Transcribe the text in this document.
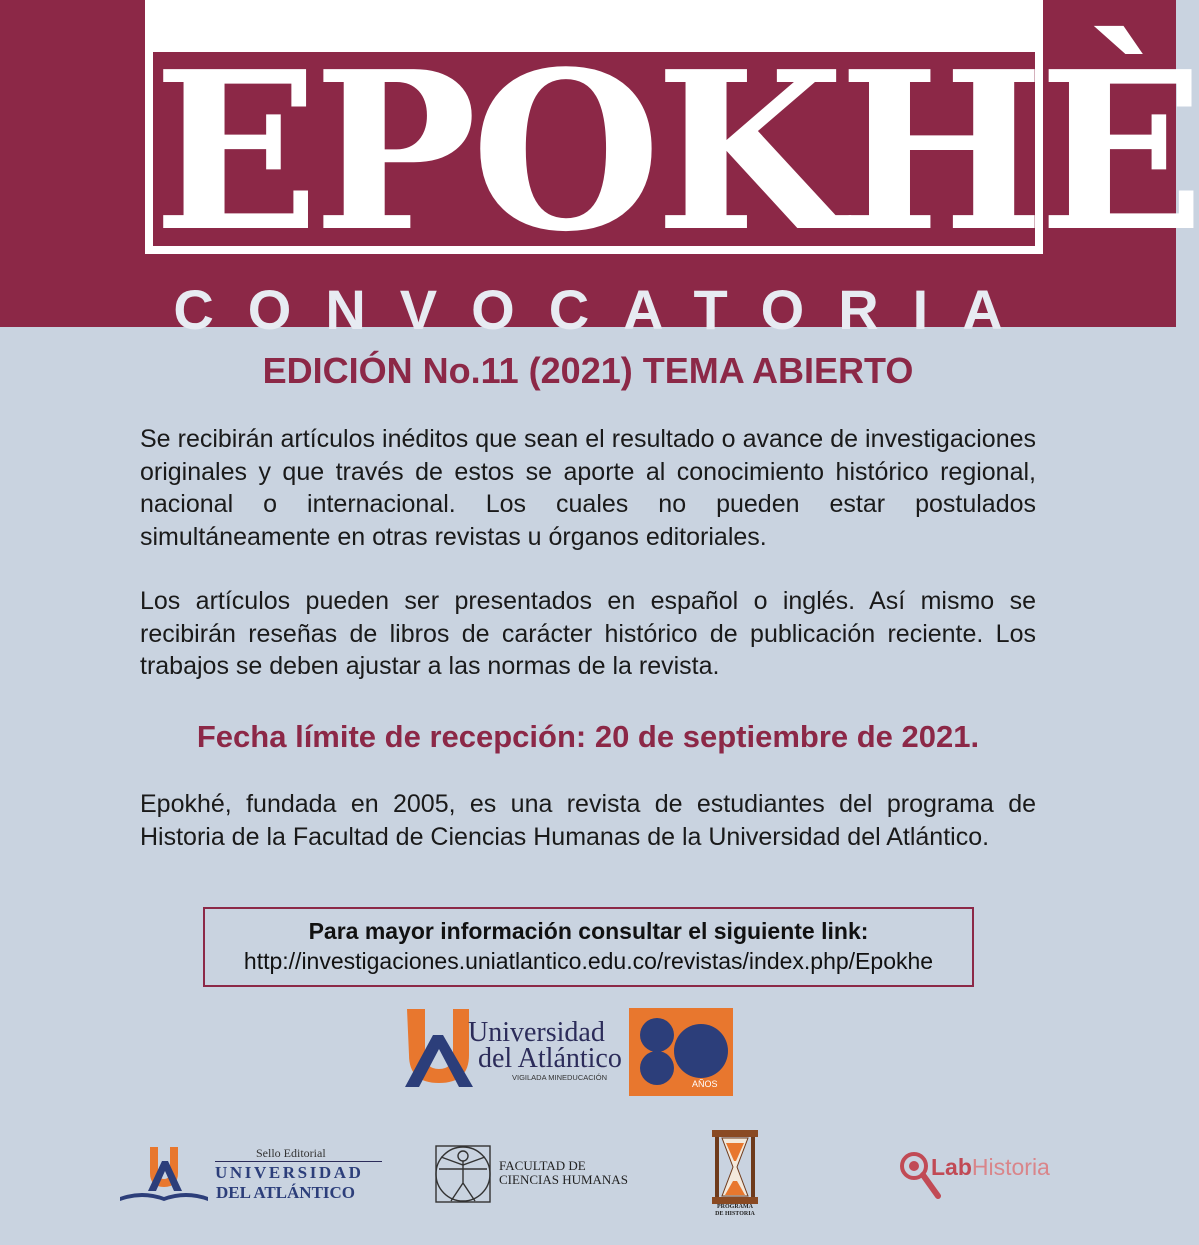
EPOKHÈ
CONVOCATORIA
EDICIÓN No.11 (2021) TEMA ABIERTO
Se recibirán artículos inéditos que sean el resultado o avance de investigaciones originales y que través de estos se aporte al conocimiento histórico regional, nacional o internacional. Los cuales no pueden estar postulados simultáneamente en otras revistas u órganos editoriales.
Los artículos pueden ser presentados en español o inglés. Así mismo se recibirán reseñas de libros de carácter histórico de publicación reciente. Los trabajos se deben ajustar a las normas de la revista.
Fecha límite de recepción: 20 de septiembre de 2021.
Epokhé, fundada en 2005, es una revista de estudiantes del programa de Historia de la Facultad de Ciencias Humanas de la Universidad del Atlántico.
Para mayor información consultar el siguiente link:
http://investigaciones.uniatlantico.edu.co/revistas/index.php/Epokhe
Universidad
del Atlántico
VIGILADA MINEDUCACIÓN
AÑOS
Sello Editorial
UNIVERSIDAD
DEL ATLÁNTICO
FACULTAD DE
CIENCIAS HUMANAS
PROGRAMA
DE HISTORIA
LabHistoria
